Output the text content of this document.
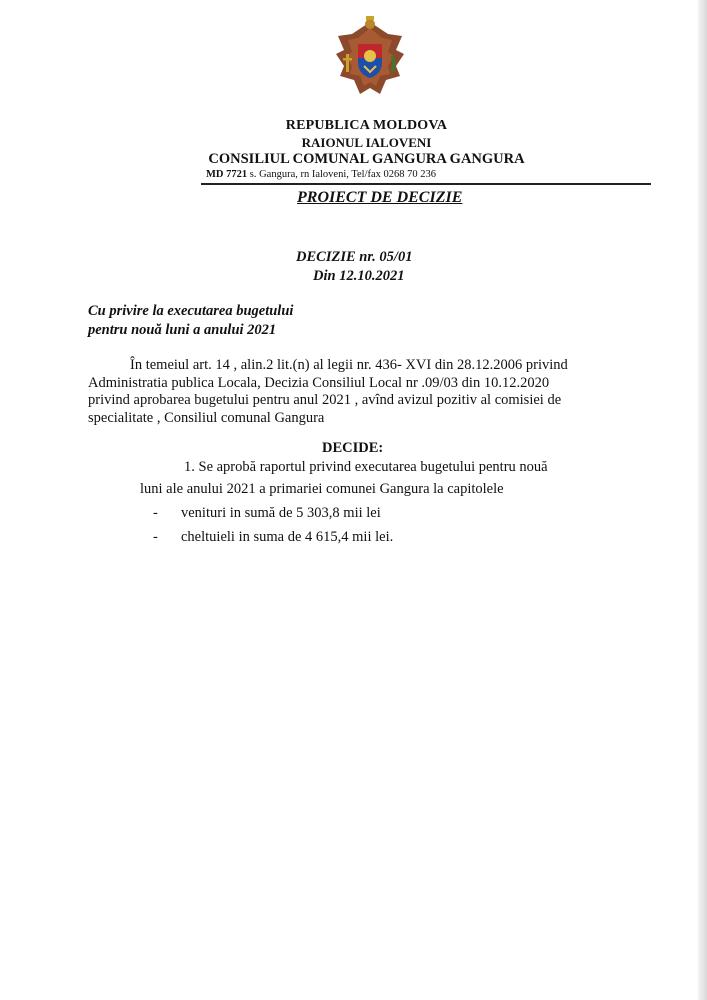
REPUBLICA MOLDOVA
RAIONUL IALOVENI
CONSILIUL COMUNAL GANGURA GANGURA
MD 7721 s. Gangura, rn Ialoveni, Tel/fax 0268 70 236
PROIECT DE DECIZIE
DECIZIE nr. 05/01
Din 12.10.2021
Cu privire la executarea bugetului
pentru nouă luni a anului 2021
În temeiul art. 14 , alin.2 lit.(n) al legii nr. 436- XVI din 28.12.2006 privind
Administratia publica Locala, Decizia Consiliul Local nr .09/03 din 10.12.2020
privind aprobarea bugetului pentru anul 2021 , avînd avizul pozitiv al comisiei de
specialitate , Consiliul comunal Gangura
DECIDE:
1. Se aprobă raportul privind executarea bugetului pentru nouă
luni ale anului 2021 a primariei comunei Gangura la capitolele
- venituri in sumă de 5 303,8 mii lei
- cheltuieli in suma de 4 615,4 mii lei.
